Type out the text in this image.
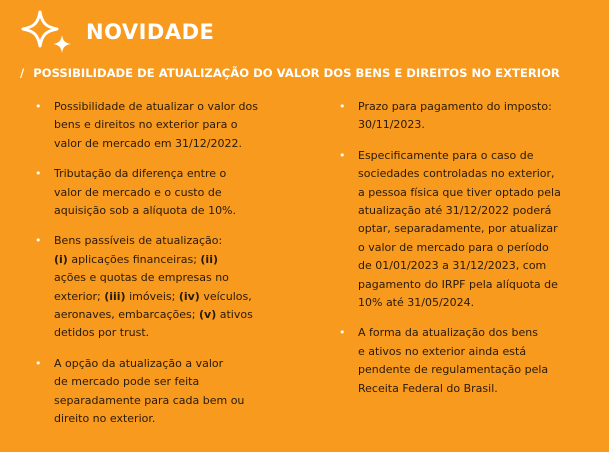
NOVIDADE
/ POSSIBILIDADE DE ATUALIZAÇÃO DO VALOR DOS BENS E DIREITOS NO EXTERIOR
• Possibilidade de atualizar o valor dos
bens e direitos no exterior para o
valor de mercado em 31/12/2022.
• Tributação da diferença entre o
valor de mercado e o custo de
aquisição sob a alíquota de 10%.
• Bens passíveis de atualização:
(i) aplicações financeiras; (ii)
ações e quotas de empresas no
exterior; (iii) imóveis; (iv) veículos,
aeronaves, embarcações; (v) ativos
detidos por trust.
• A opção da atualização a valor
de mercado pode ser feita
separadamente para cada bem ou
direito no exterior.
• Prazo para pagamento do imposto:
30/11/2023.
• Especificamente para o caso de
sociedades controladas no exterior,
a pessoa física que tiver optado pela
atualização até 31/12/2022 poderá
optar, separadamente, por atualizar
o valor de mercado para o período
de 01/01/2023 a 31/12/2023, com
pagamento do IRPF pela alíquota de
10% até 31/05/2024.
• A forma da atualização dos bens
e ativos no exterior ainda está
pendente de regulamentação pela
Receita Federal do Brasil.
